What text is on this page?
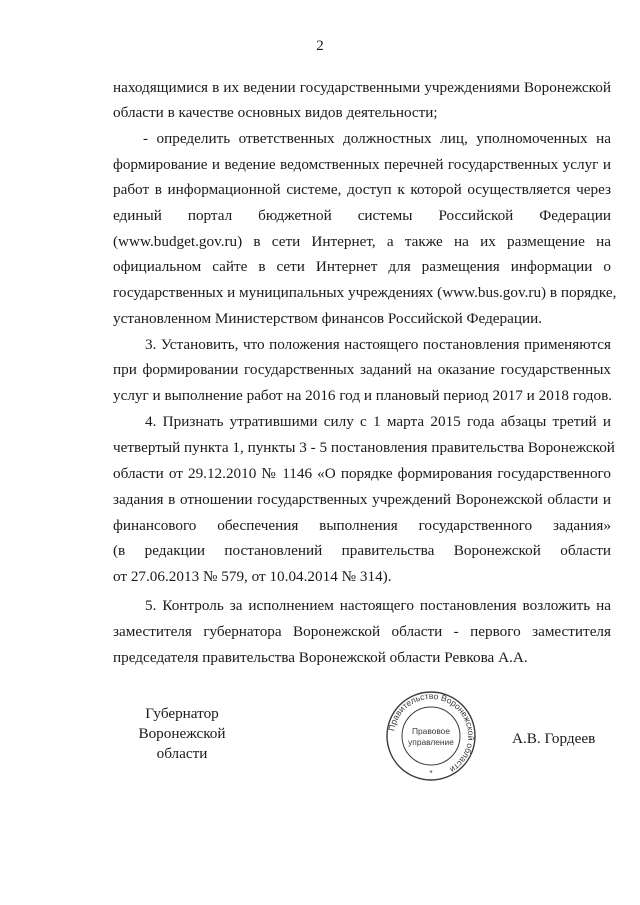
2
находящимися в их ведении государственными учреждениями Воронежской
области в качестве основных видов деятельности;
- определить ответственных должностных лиц, уполномоченных на
формирование и ведение ведомственных перечней государственных услуг и
работ в информационной системе, доступ к которой осуществляется через
единый портал бюджетной системы Российской Федерации
(www.budget.gov.ru) в сети Интернет, а также на их размещение на
официальном сайте в сети Интернет для размещения информации о
государственных и муниципальных учреждениях (www.bus.gov.ru) в порядке,
установленном Министерством финансов Российской Федерации.
3. Установить, что положения настоящего постановления применяются
при формировании государственных заданий на оказание государственных
услуг и выполнение работ на 2016 год и плановый период 2017 и 2018 годов.
4. Признать утратившими силу с 1 марта 2015 года абзацы третий и
четвертый пункта 1, пункты 3 - 5 постановления правительства Воронежской
области от 29.12.2010 № 1146 «О порядке формирования государственного
задания в отношении государственных учреждений Воронежской области и
финансового обеспечения выполнения государственного задания»
(в редакции постановлений правительства Воронежской области
от 27.06.2013 № 579, от 10.04.2014 № 314).
5. Контроль за исполнением настоящего постановления возложить на
заместителя губернатора Воронежской области - первого заместителя
председателя правительства Воронежской области Ревкова А.А.
Губернатор
Воронежской области
Правительство Воронежской области
Правовое
управление
*
А.В. Гордеев
